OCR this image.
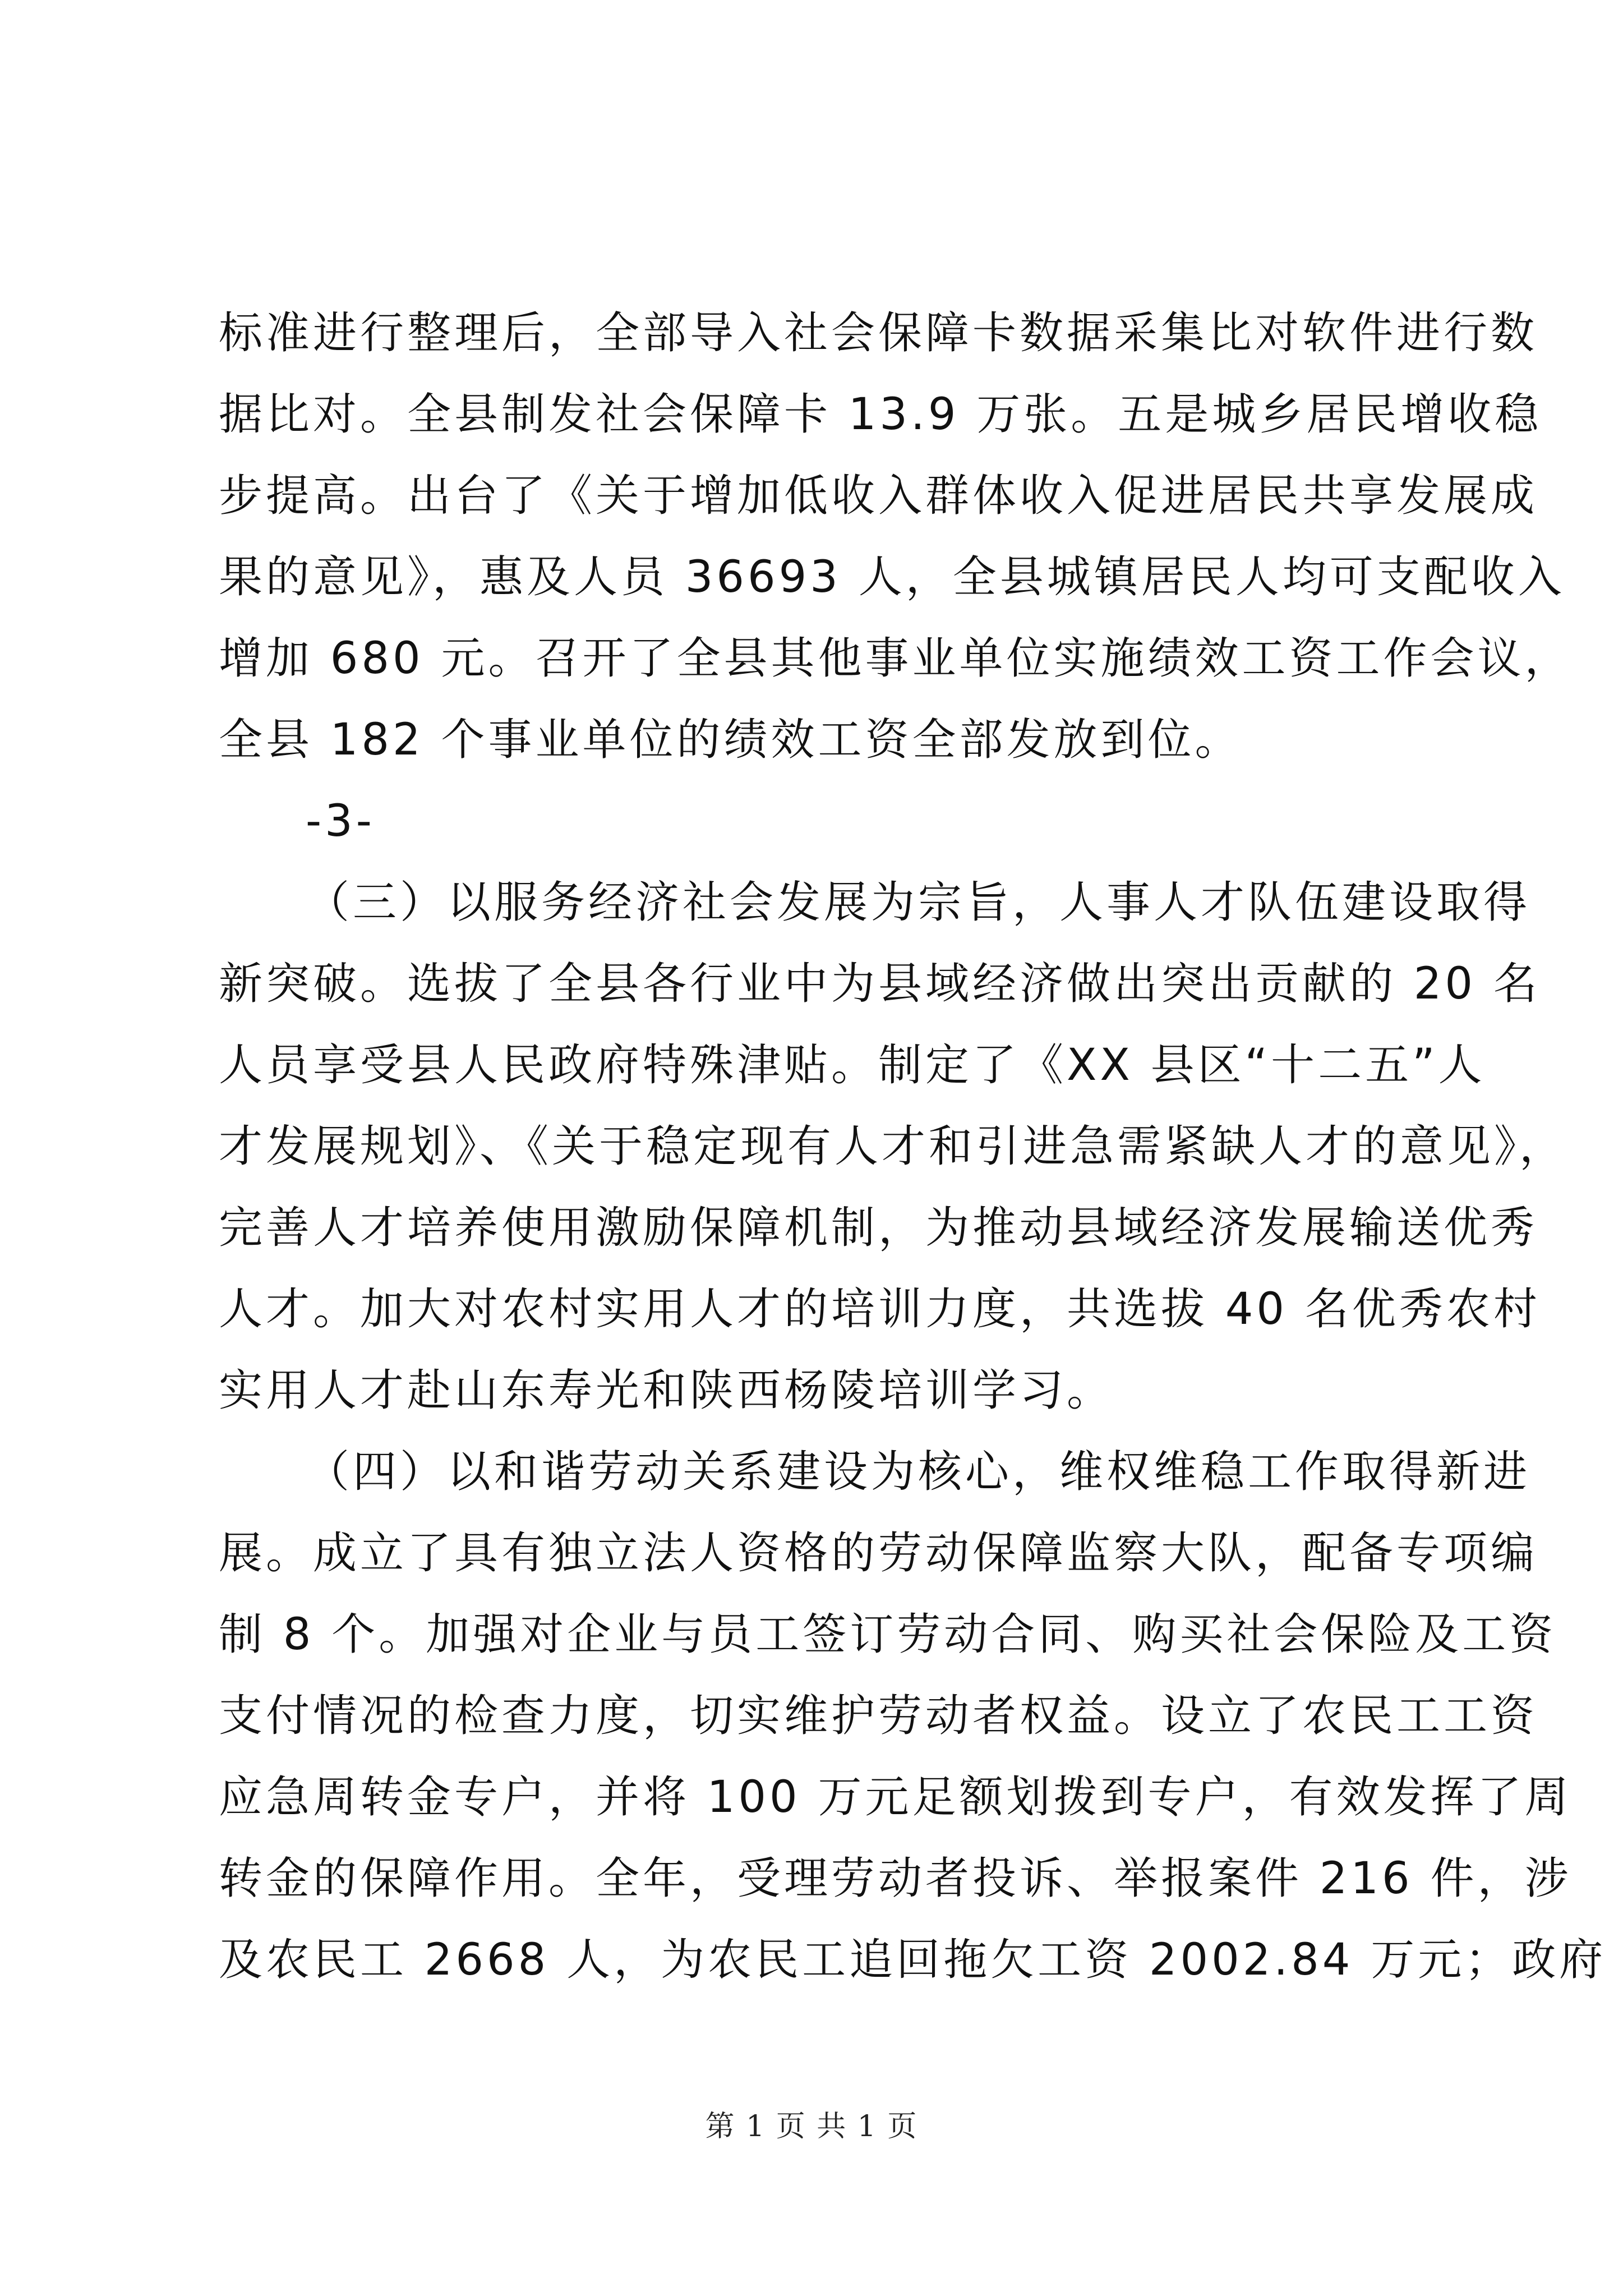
标准进行整理后，全部导入社会保障卡数据采集比对软件进行数
据比对。全县制发社会保障卡 13.9 万张。五是城乡居民增收稳
步提高。出台了《关于增加低收入群体收入促进居民共享发展成
果的意见》，惠及人员 36693 人，全县城镇居民人均可支配收入
增加 680 元。召开了全县其他事业单位实施绩效工资工作会议，
全县 182 个事业单位的绩效工资全部发放到位。
-3-
（三）以服务经济社会发展为宗旨，人事人才队伍建设取得
新突破。选拔了全县各行业中为县域经济做出突出贡献的 20 名
人员享受县人民政府特殊津贴。制定了《XX 县区“十二五”人
才发展规划》、《关于稳定现有人才和引进急需紧缺人才的意见》，
完善人才培养使用激励保障机制，为推动县域经济发展输送优秀
人才。加大对农村实用人才的培训力度，共选拔 40 名优秀农村
实用人才赴山东寿光和陕西杨陵培训学习。
（四）以和谐劳动关系建设为核心，维权维稳工作取得新进
展。成立了具有独立法人资格的劳动保障监察大队，配备专项编
制 8 个。加强对企业与员工签订劳动合同、购买社会保险及工资
支付情况的检查力度，切实维护劳动者权益。设立了农民工工资
应急周转金专户，并将 100 万元足额划拨到专户，有效发挥了周
转金的保障作用。全年，受理劳动者投诉、举报案件 216 件，涉
及农民工 2668 人，为农民工追回拖欠工资 2002.84 万元；政府
第 1 页 共 1 页
